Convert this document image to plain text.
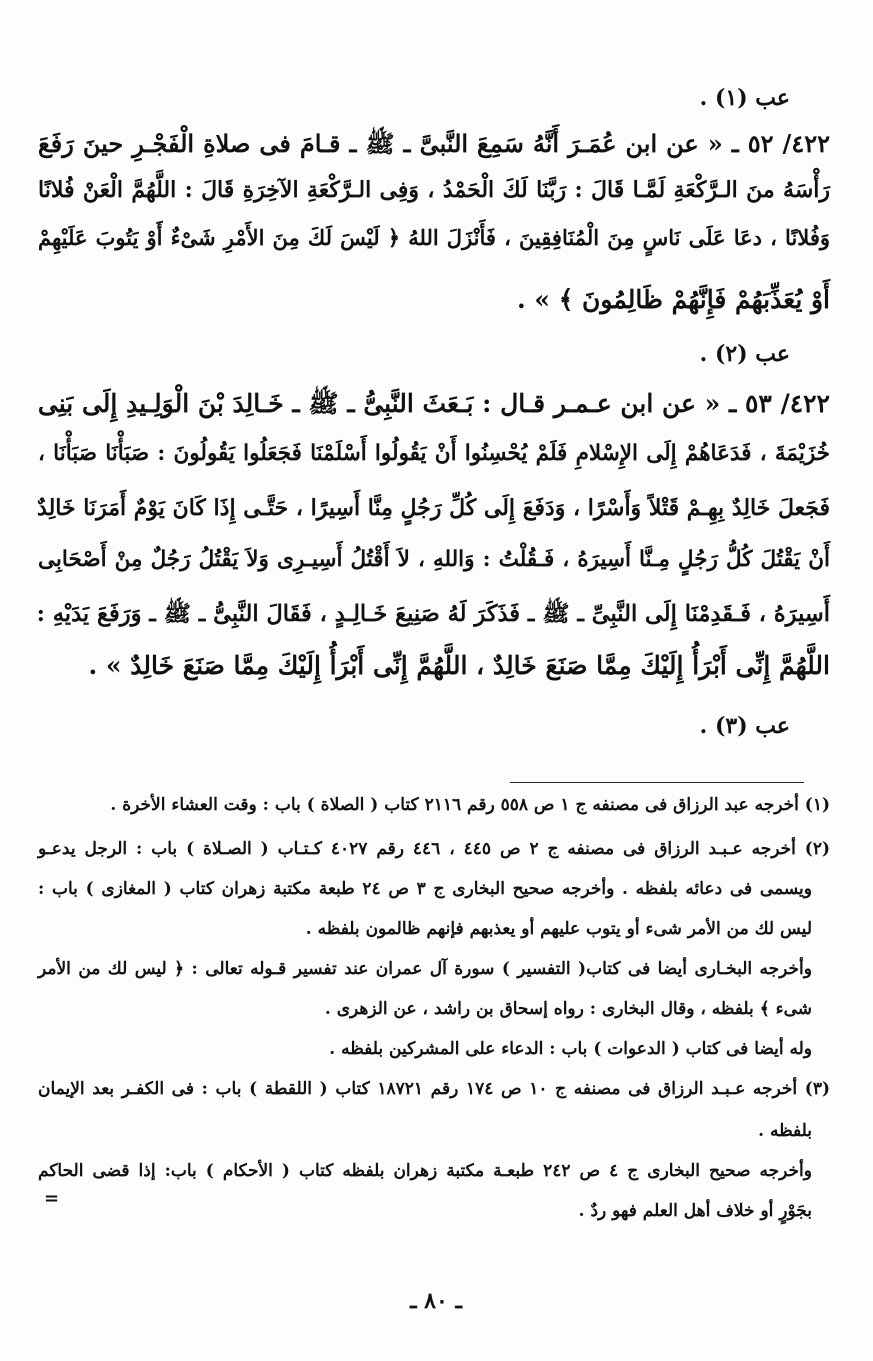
عب (١) .
٤٢٢/ ٥٢ ـ « عن ابن عُمَـرَ أَنَّهُ سَمِعَ النَّبىَّ ـ ﷺ ـ قـامَ فى صلاةِ الْفَجْـرِ حينَ رَفَعَ
رَأْسَهُ منَ الـرَّكْعَةِ لَمَّـا قَالَ : رَبَّنَا لَكَ الْحَمْدُ ، وَفِى الـرَّكْعَةِ الآخِرَةِ قَالَ : اللَّهُمَّ الْعَنْ فُلانًا
وَفُلانًا ، دعَا عَلَى نَاسٍ مِنَ الْمُنَافِقِينَ ، فَأَنْزَلَ اللهُ ﴿ لَيْسَ لَكَ مِنَ الأَمْرِ شَىْءٌ أَوْ يَتُوبَ عَلَيْهِمْ
أَوْ يُعَذِّبَهُمْ فَإِنَّهُمْ ظَالِمُونَ ﴾ » .
عب (٢) .
٤٢٢/ ٥٣ ـ « عن ابن عـمـر قـال : بَـعَثَ النَّبِىُّ ـ ﷺ ـ خَـالِدَ بْنَ الْوَلِـيدِ إِلَى بَنِى
خُزَيْمَةَ ، فَدَعَاهُمْ إِلَى الإِسْلامِ فَلَمْ يُحْسِنُوا أَنْ يَقُولُوا أَسْلَمْنَا فَجَعَلُوا يَقُولُونَ : صَبَأْنَا صَبَأْنَا ،
فَجَعلَ خَالِدٌ بِهِـمْ قَتْلاً وَأَسْرًا ، وَدَفَعَ إِلَى كُلِّ رَجُلٍ مِنَّا أَسِيرًا ، حَتَّـى إِذَا كَانَ يَوْمٌ أَمَرَنَا خَالِدٌ
أَنْ يَقْتُلَ كُلُّ رَجُلٍ مِـنَّا أَسِيرَهُ ، فَـقُلْتُ : وَاللهِ ، لاَ أَقْتُلُ أَسِيـرِى وَلاَ يَقْتُلُ رَجُلٌ مِنْ أَصْحَابِى
أَسِيرَهُ ، فَـقَدِمْنَا إِلَى النَّبِىِّ ـ ﷺ ـ فَذَكَرَ لَهُ صَنِيعَ خَـالِـدٍ ، فَقَالَ النَّبِىُّ ـ ﷺ ـ وَرَفَعَ يَدَيْهِ :
اللَّهُمَّ إِنِّى أَبْرَأُ إِلَيْكَ مِمَّا صَنَعَ خَالِدٌ ، اللَّهُمَّ إِنِّى أَبْرَأُ إِلَيْكَ مِمَّا صَنَعَ خَالِدٌ » .
عب (٣) .
(١) أخرجه عبد الرزاق فى مصنفه ج ١ ص ٥٥٨ رقم ٢١١٦ كتاب ( الصلاة ) باب : وقت العشاء الأخرة .
(٢) أخرجه عـبـد الرزاق فى مصنفه ج ٢ ص ٤٤٥ ، ٤٤٦ رقم ٤٠٢٧ كـتـاب ( الصـلاة ) باب : الرجل يدعـو
ويسمى فى دعائه بلفظه . وأخرجه صحيح البخارى ج ٣ ص ٢٤ طبعة مكتبة زهران كتاب ( المغازى ) باب :
ليس لك من الأمر شىء أو يتوب عليهم أو يعذبهم فإنهم ظالمون بلفظه .
وأخرجه البخـارى أيضا فى كتاب( التفسير ) سورة آل عمران عند تفسير قـوله تعالى : ﴿ ليس لك من الأمر
شىء ﴾ بلفظه ، وقال البخارى : رواه إسحاق بن راشد ، عن الزهرى .
وله أيضا فى كتاب ( الدعوات ) باب : الدعاء على المشركين بلفظه .
(٣) أخرجه عـبـد الرزاق فى مصنفه ج ١٠ ص ١٧٤ رقم ١٨٧٢١ كتاب ( اللقطة ) باب : فى الكفـر بعد الإيمان
بلفظه .
وأخرجه صحيح البخارى ج ٤ ص ٢٤٢ طبعـة مكتبة زهران بلفظه كتاب ( الأحكام ) باب: إذا قضى الحاكم
بجَوْرٍ أو خلاف أهل العلم فهو ردٌ .
=
ـ ٨٠ ـ
